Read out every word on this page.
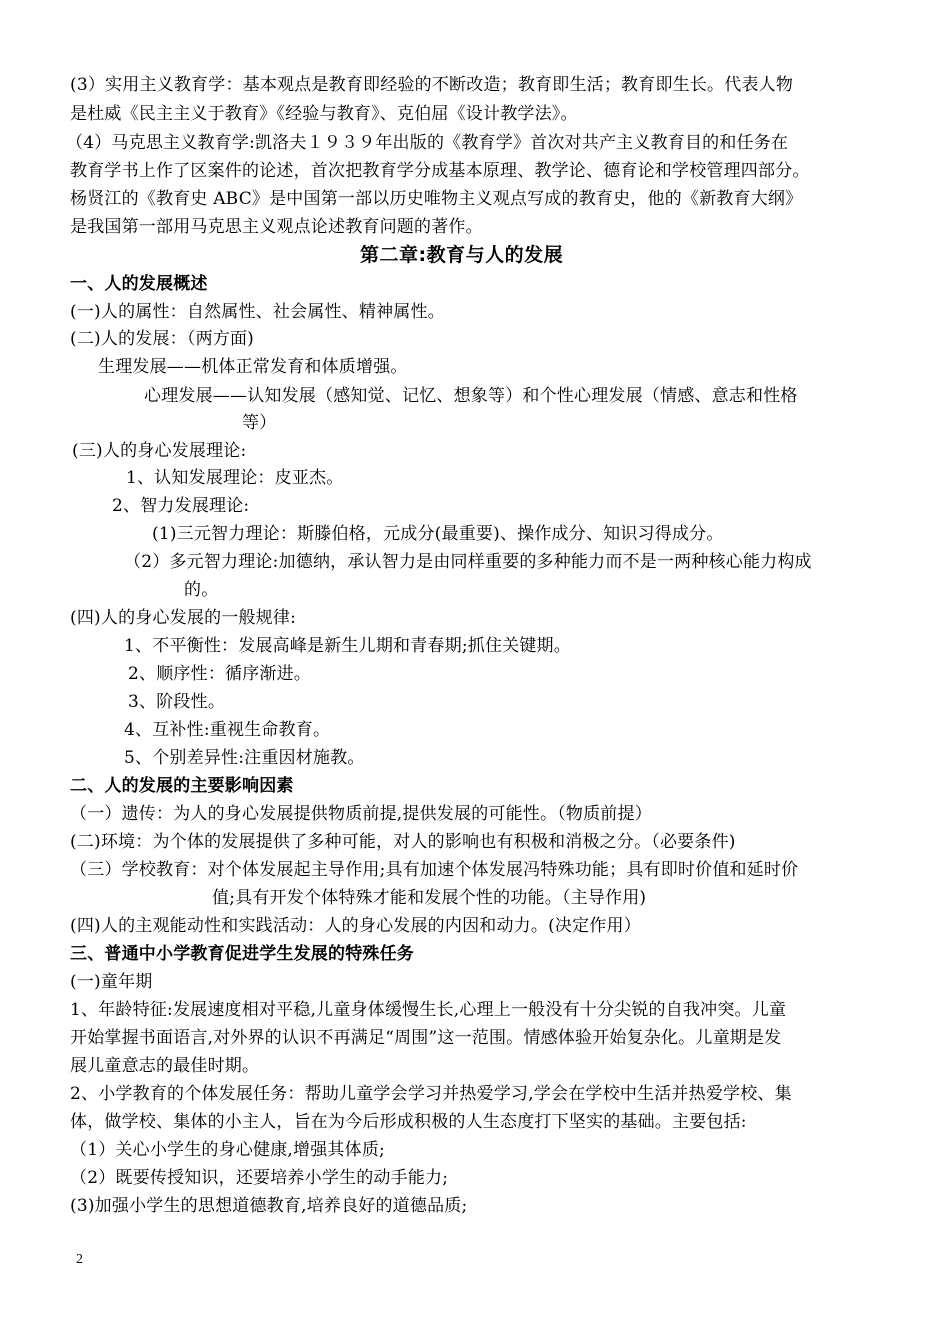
(3）实用主义教育学：基本观点是教育即经验的不断改造；教育即生活；教育即生长。代表人物
是杜威《民主主义于教育》《经验与教育》、克伯屈《设计教学法》。
（4）马克思主义教育学:凯洛夫１９３９年出版的《教育学》首次对共产主义教育目的和任务在
教育学书上作了区案件的论述，首次把教育学分成基本原理、教学论、德育论和学校管理四部分。
杨贤江的《教育史 ABC》是中国第一部以历史唯物主义观点写成的教育史，他的《新教育大纲》
是我国第一部用马克思主义观点论述教育问题的著作。
第二章:教育与人的发展
一、人的发展概述
(一)人的属性：自然属性、社会属性、精神属性。
(二)人的发展：（两方面)
生理发展——机体正常发育和体质增强。
心理发展——认知发展（感知觉、记忆、想象等）和个性心理发展（情感、意志和性格
等）
(三)人的身心发展理论:
1、认知发展理论：皮亚杰。
2、智力发展理论:
(1)三元智力理论：斯滕伯格，元成分(最重要)、操作成分、知识习得成分。
（2）多元智力理论:加德纳，承认智力是由同样重要的多种能力而不是一两种核心能力构成
的。
(四)人的身心发展的一般规律:
1、不平衡性：发展高峰是新生儿期和青春期;抓住关键期。
2、顺序性：循序渐进。
3、阶段性。
4、互补性:重视生命教育。
5、个别差异性:注重因材施教。
二、人的发展的主要影响因素
（一）遗传：为人的身心发展提供物质前提,提供发展的可能性。（物质前提）
(二)环境：为个体的发展提供了多种可能，对人的影响也有积极和消极之分。（必要条件)
（三）学校教育：对个体发展起主导作用;具有加速个体发展冯特殊功能；具有即时价值和延时价
值;具有开发个体特殊才能和发展个性的功能。（主导作用)
(四)人的主观能动性和实践活动：人的身心发展的内因和动力。(决定作用）
三、普通中小学教育促进学生发展的特殊任务
(一)童年期
1、年龄特征:发展速度相对平稳,儿童身体缓慢生长,心理上一般没有十分尖锐的自我冲突。儿童
开始掌握书面语言,对外界的认识不再满足“周围”这一范围。情感体验开始复杂化。儿童期是发
展儿童意志的最佳时期。
2、小学教育的个体发展任务：帮助儿童学会学习并热爱学习,学会在学校中生活并热爱学校、集
体，做学校、集体的小主人，旨在为今后形成积极的人生态度打下坚实的基础。主要包括:
（1）关心小学生的身心健康,增强其体质;
（2）既要传授知识，还要培养小学生的动手能力;
(3)加强小学生的思想道德教育,培养良好的道德品质;
2
